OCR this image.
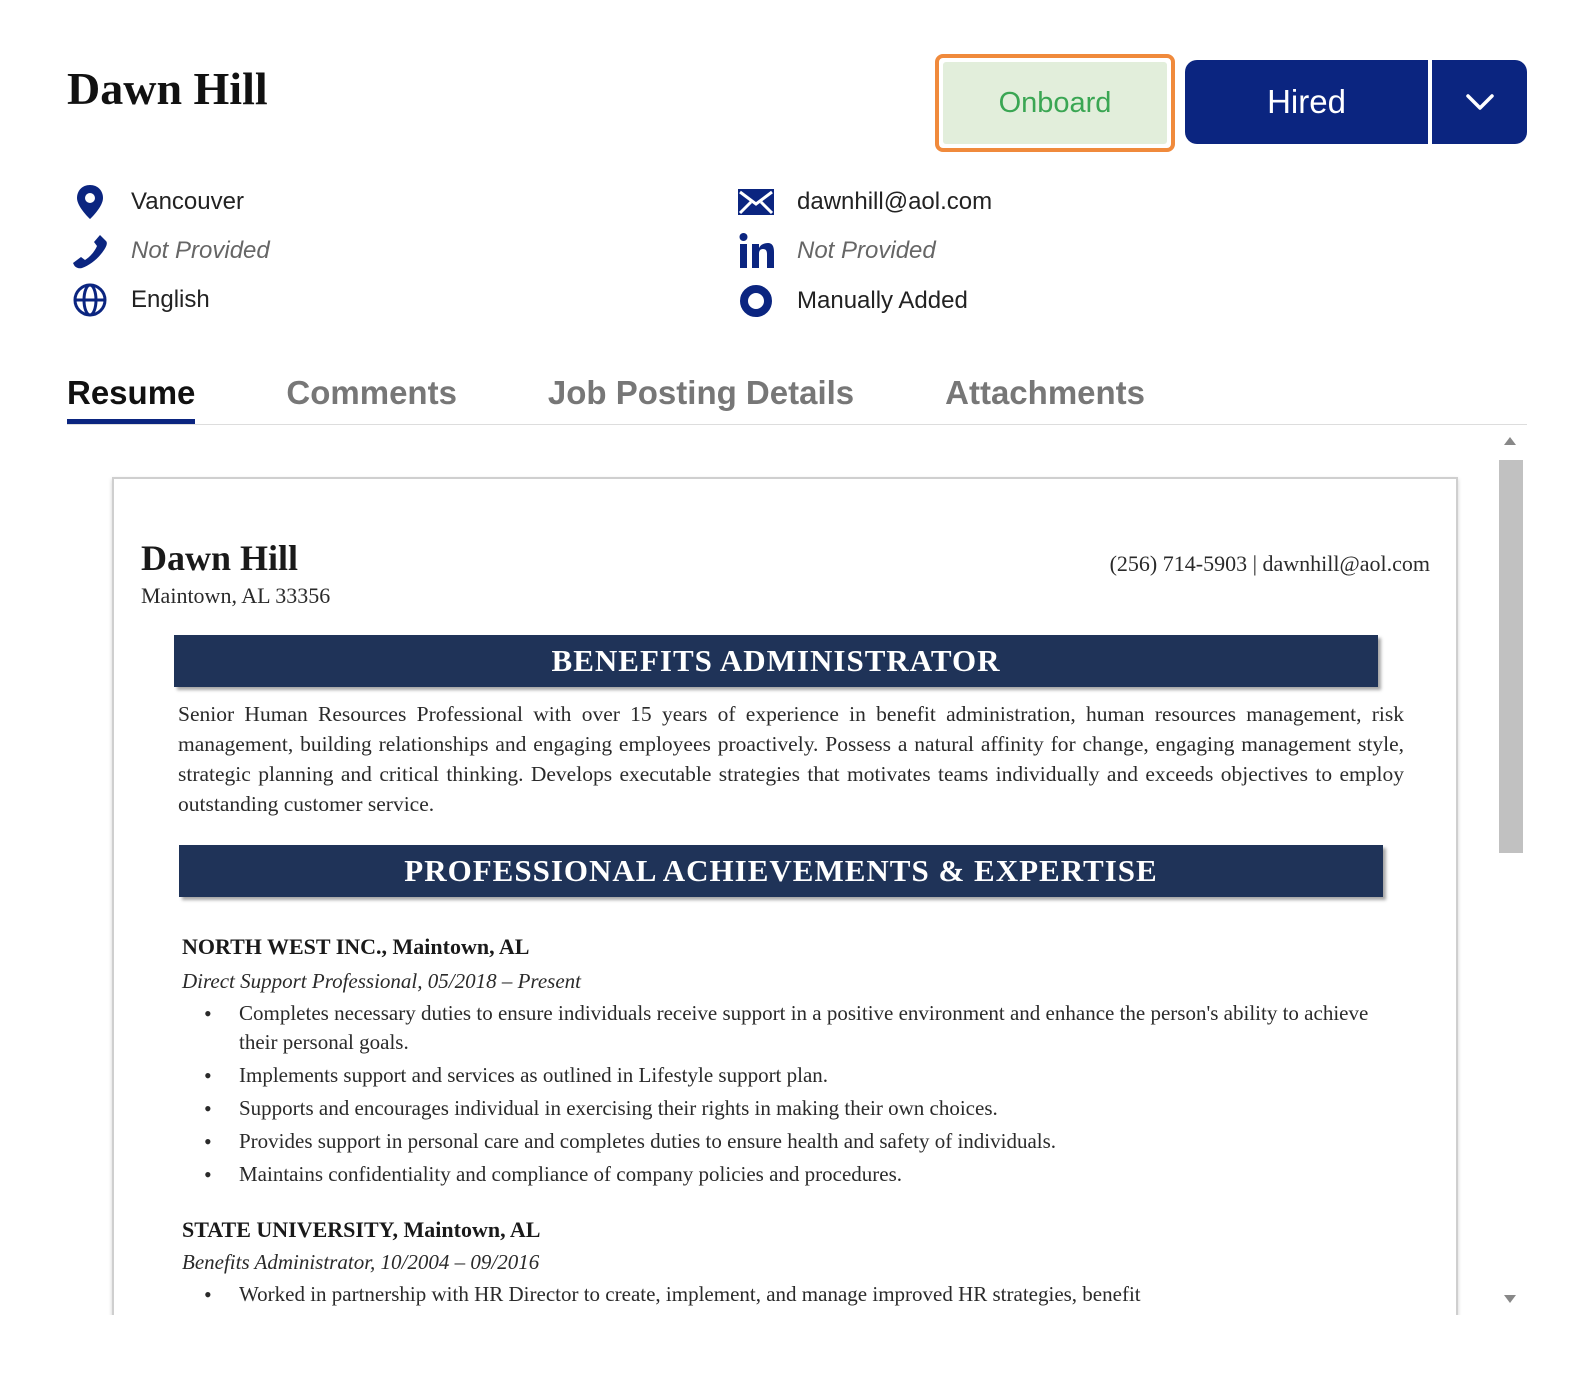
Dawn Hill	Onboard	Hired
Vancouver
Not Provided
English
dawnhill@aol.com
Not Provided
Manually Added
Resume	Comments	Job Posting Details	Attachments
Dawn Hill
Maintown, AL 33356
(256) 714-5903 | dawnhill@aol.com
BENEFITS ADMINISTRATOR
Senior Human Resources Professional with over 15 years of experience in benefit administration, human resources management, risk management, building relationships and engaging employees proactively. Possess a natural affinity for change, engaging management style, strategic planning and critical thinking. Develops executable strategies that motivates teams individually and exceeds objectives to employ outstanding customer service.
PROFESSIONAL ACHIEVEMENTS & EXPERTISE
NORTH WEST INC., Maintown, AL
Direct Support Professional, 05/2018 – Present
• Completes necessary duties to ensure individuals receive support in a positive environment and enhance the person's ability to achieve their personal goals.
• Implements support and services as outlined in Lifestyle support plan.
• Supports and encourages individual in exercising their rights in making their own choices.
• Provides support in personal care and completes duties to ensure health and safety of individuals.
• Maintains confidentiality and compliance of company policies and procedures.
STATE UNIVERSITY, Maintown, AL
Benefits Administrator, 10/2004 – 09/2016
• Worked in partnership with HR Director to create, implement, and manage improved HR strategies, benefit
